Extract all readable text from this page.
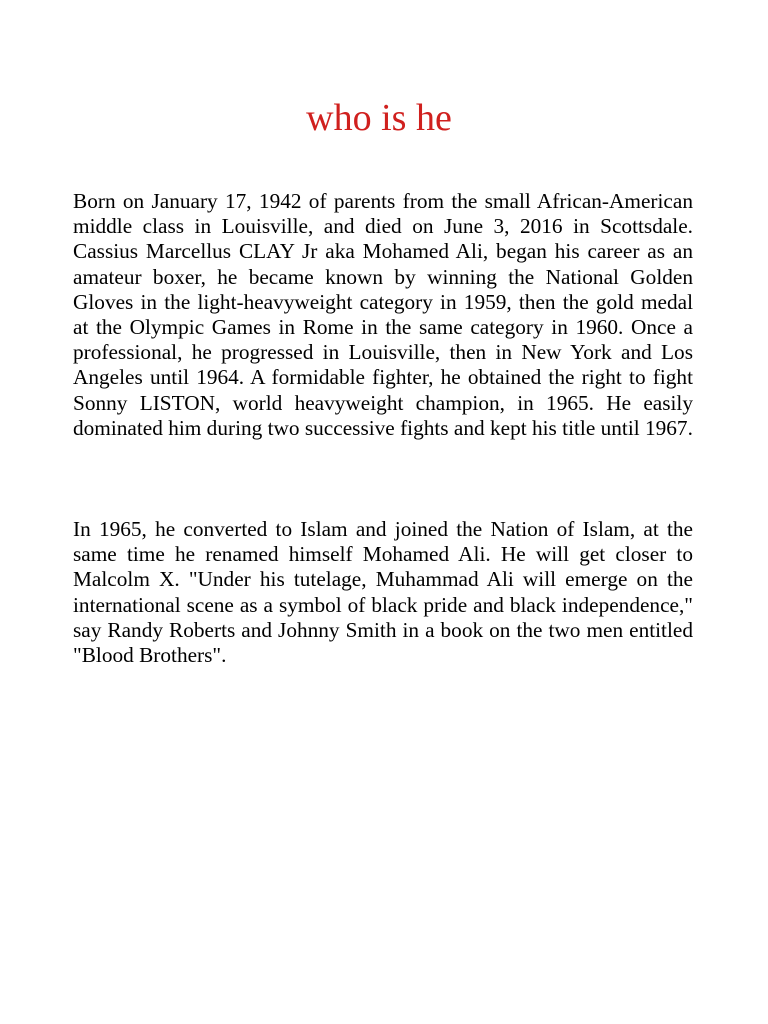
who is he

Born on January 17, 1942 of parents from the small African-American middle class in Louisville, and died on June 3, 2016 in Scottsdale. Cassius Marcellus CLAY Jr aka Mohamed Ali, began his career as an amateur boxer, he became known by winning the National Golden Gloves in the light-heavyweight category in 1959, then the gold medal at the Olympic Games in Rome in the same category in 1960. Once a professional, he progressed in Louisville, then in New York and Los Angeles until 1964. A formidable fighter, he obtained the right to fight Sonny LISTON, world heavyweight champion, in 1965. He easily dominated him during two successive fights and kept his title until 1967.

In 1965, he converted to Islam and joined the Nation of Islam, at the same time he renamed himself Mohamed Ali. He will get closer to Malcolm X. "Under his tutelage, Muhammad Ali will emerge on the international scene as a symbol of black pride and black independence," say Randy Roberts and Johnny Smith in a book on the two men entitled "Blood Brothers".
